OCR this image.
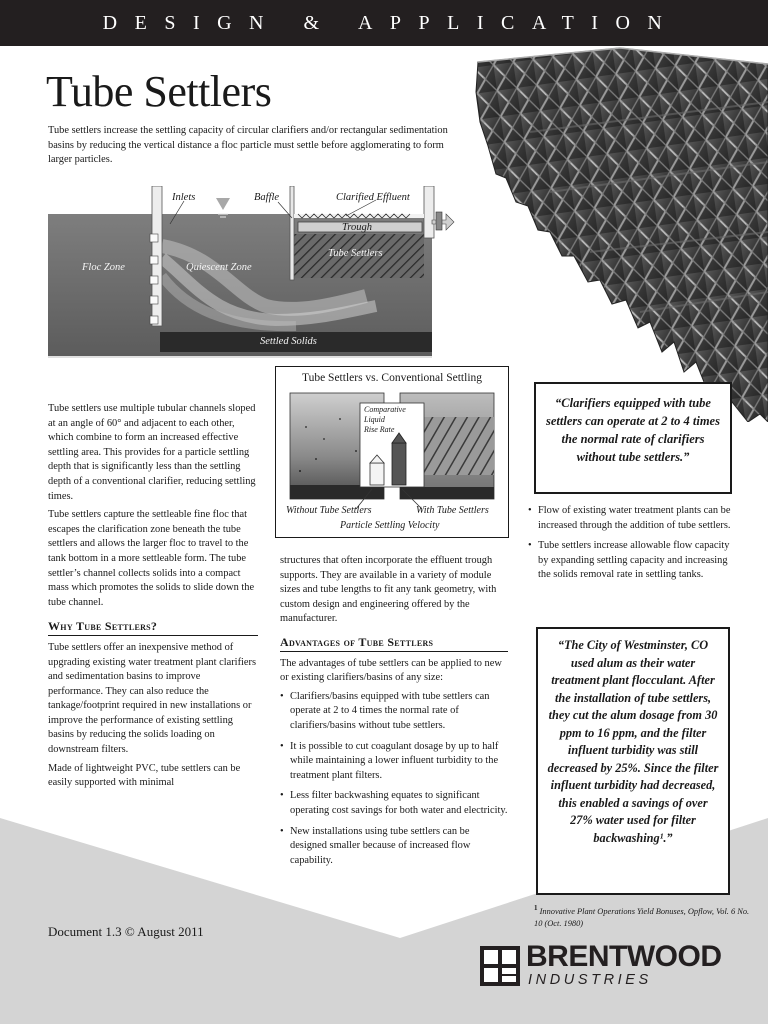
DESIGN & APPLICATION
Tube Settlers

Tube settlers increase the settling capacity of circular clarifiers and/or rectangular sedimentation basins by reducing the vertical distance a floc particle must settle before agglomerating to form larger particles.

Inlets	Baffle	Clarified Effluent
Trough
Floc Zone	Quiescent Zone
Tube Settlers
Settled Solids

Tube settlers use multiple tubular channels sloped at an angle of 60° and adjacent to each other, which combine to form an increased effective settling area. This provides for a particle settling depth that is significantly less than the settling depth of a conventional clarifier, reducing settling times.

Tube settlers capture the settleable fine floc that escapes the clarification zone beneath the tube settlers and allows the larger floc to travel to the tank bottom in a more settleable form. The tube settler’s channel collects solids into a compact mass which promotes the solids to slide down the tube channel.

Why Tube Settlers?

Tube settlers offer an inexpensive method of upgrading existing water treatment plant clarifiers and sedimentation basins to improve performance. They can also reduce the tankage/footprint required in new installations or improve the performance of existing settling basins by reducing the solids loading on downstream filters.

Made of lightweight PVC, tube settlers can be easily supported with minimal

Tube Settlers vs. Conventional Settling
Comparative
Liquid
Rise Rate
Without Tube Settlers	With Tube Settlers
Particle Settling Velocity
“Clarifiers equipped with tube settlers can operate at 2 to 4 times the normal rate of clarifiers without tube settlers.”

structures that often incorporate the effluent trough supports. They are available in a variety of module sizes and tube lengths to fit any tank geometry, with custom design and engineering offered by the manufacturer.

Advantages of Tube Settlers

The advantages of tube settlers can be applied to new or existing clarifiers/basins of any size:

• Clarifiers/basins equipped with tube settlers can operate at 2 to 4 times the normal rate of clarifiers/basins without tube settlers.
• It is possible to cut coagulant dosage by up to half while maintaining a lower influent turbidity to the treatment plant filters.
• Less filter backwashing equates to significant operating cost savings for both water and electricity.
• New installations using tube settlers can be designed smaller because of increased flow capability.
• Flow of existing water treatment plants can be increased through the addition of tube settlers.
• Tube settlers increase allowable flow capacity by expanding settling capacity and increasing the solids removal rate in settling tanks.
“The City of Westminster, CO used alum as their water treatment plant flocculant. After the installation of tube settlers, they cut the alum dosage from 30 ppm to 16 ppm, and the filter influent turbidity was still decreased by 25%. Since the filter influent turbidity had decreased, this enabled a savings of over 27% water used for filter backwashing¹.”
$^1$ Innovative Plant Operations Yield Bonuses, Opflow, Vol. 6 No. 10 (Oct. 1980)
Document 1.3 © August 2011
BRENTWOOD
INDUSTRIES
